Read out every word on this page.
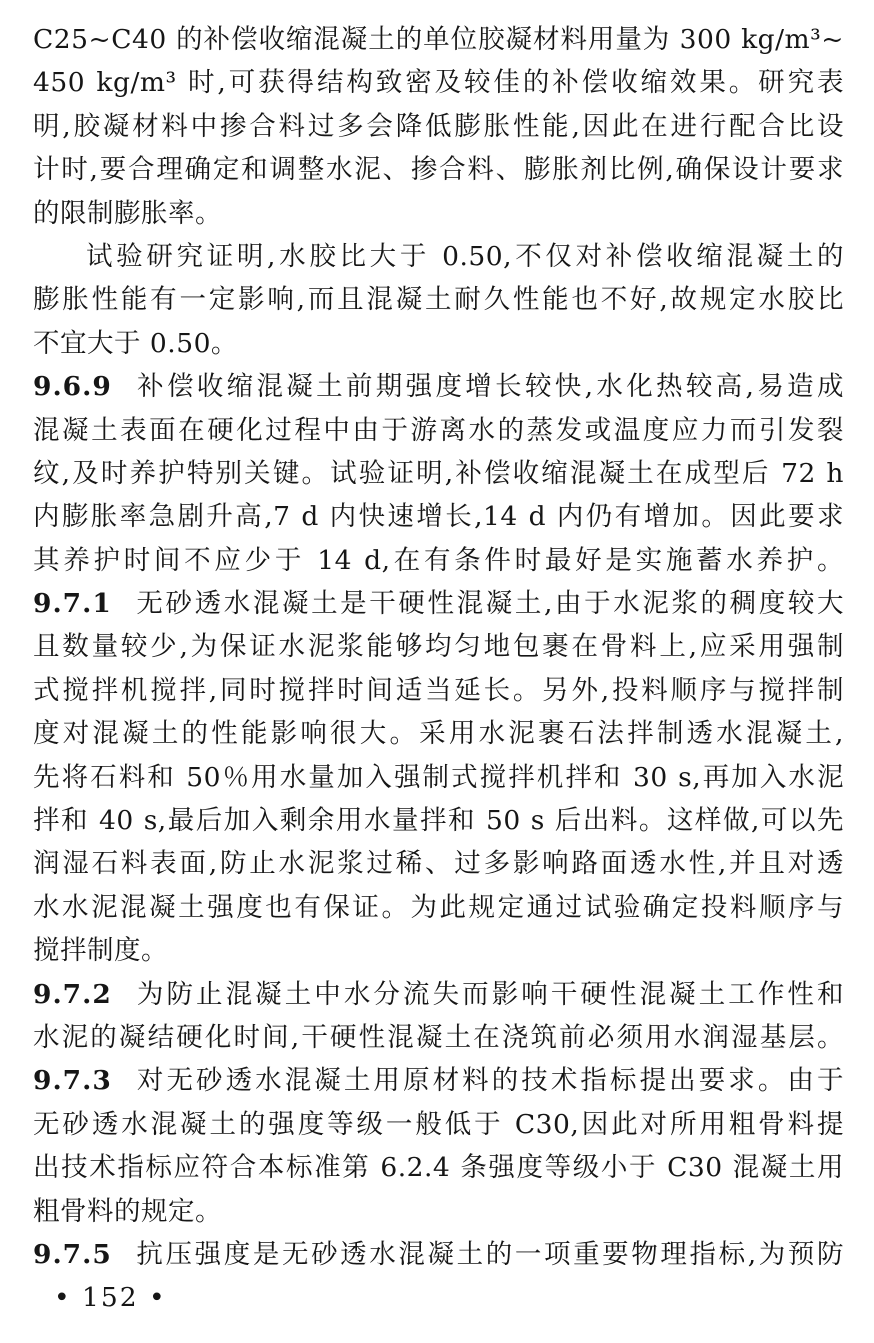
C25~C40 的补偿收缩混凝土的单位胶凝材料用量为 300 kg/m³~
450 kg/m³ 时,可获得结构致密及较佳的补偿收缩效果。研究表
明,胶凝材料中掺合料过多会降低膨胀性能,因此在进行配合比设
计时,要合理确定和调整水泥、掺合料、膨胀剂比例,确保设计要求
的限制膨胀率。
试验研究证明,水胶比大于 0.50,不仅对补偿收缩混凝土的
膨胀性能有一定影响,而且混凝土耐久性能也不好,故规定水胶比
不宜大于 0.50。
9.6.9 补偿收缩混凝土前期强度增长较快,水化热较高,易造成
混凝土表面在硬化过程中由于游离水的蒸发或温度应力而引发裂
纹,及时养护特别关键。试验证明,补偿收缩混凝土在成型后 72 h
内膨胀率急剧升高,7 d 内快速增长,14 d 内仍有增加。因此要求
其养护时间不应少于 14 d,在有条件时最好是实施蓄水养护。
9.7.1 无砂透水混凝土是干硬性混凝土,由于水泥浆的稠度较大
且数量较少,为保证水泥浆能够均匀地包裹在骨料上,应采用强制
式搅拌机搅拌,同时搅拌时间适当延长。另外,投料顺序与搅拌制
度对混凝土的性能影响很大。采用水泥裹石法拌制透水混凝土,
先将石料和 50％用水量加入强制式搅拌机拌和 30 s,再加入水泥
拌和 40 s,最后加入剩余用水量拌和 50 s 后出料。这样做,可以先
润湿石料表面,防止水泥浆过稀、过多影响路面透水性,并且对透
水水泥混凝土强度也有保证。为此规定通过试验确定投料顺序与
搅拌制度。
9.7.2 为防止混凝土中水分流失而影响干硬性混凝土工作性和
水泥的凝结硬化时间,干硬性混凝土在浇筑前必须用水润湿基层。
9.7.3 对无砂透水混凝土用原材料的技术指标提出要求。由于
无砂透水混凝土的强度等级一般低于 C30,因此对所用粗骨料提
出技术指标应符合本标准第 6.2.4 条强度等级小于 C30 混凝土用
粗骨料的规定。
9.7.5 抗压强度是无砂透水混凝土的一项重要物理指标,为预防
• 152 •
